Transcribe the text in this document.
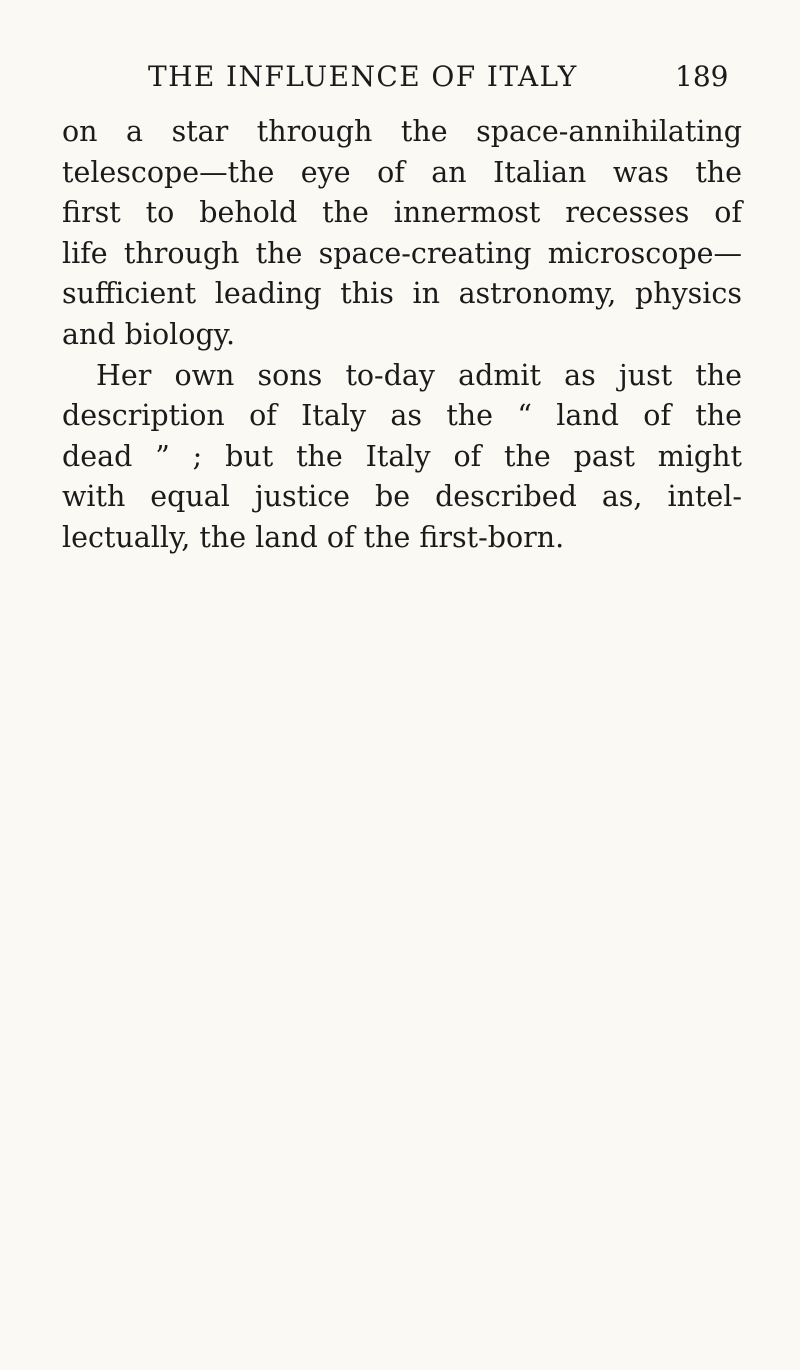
THE INFLUENCE OF ITALY	189
on a star through the space-annihilating
telescope—the eye of an Italian was the
first to behold the innermost recesses of
life through the space-creating microscope—
sufficient leading this in astronomy, physics
and biology.
Her own sons to-day admit as just the
description of Italy as the “ land of the
dead ” ; but the Italy of the past might
with equal justice be described as, intel-
lectually, the land of the first-born.
